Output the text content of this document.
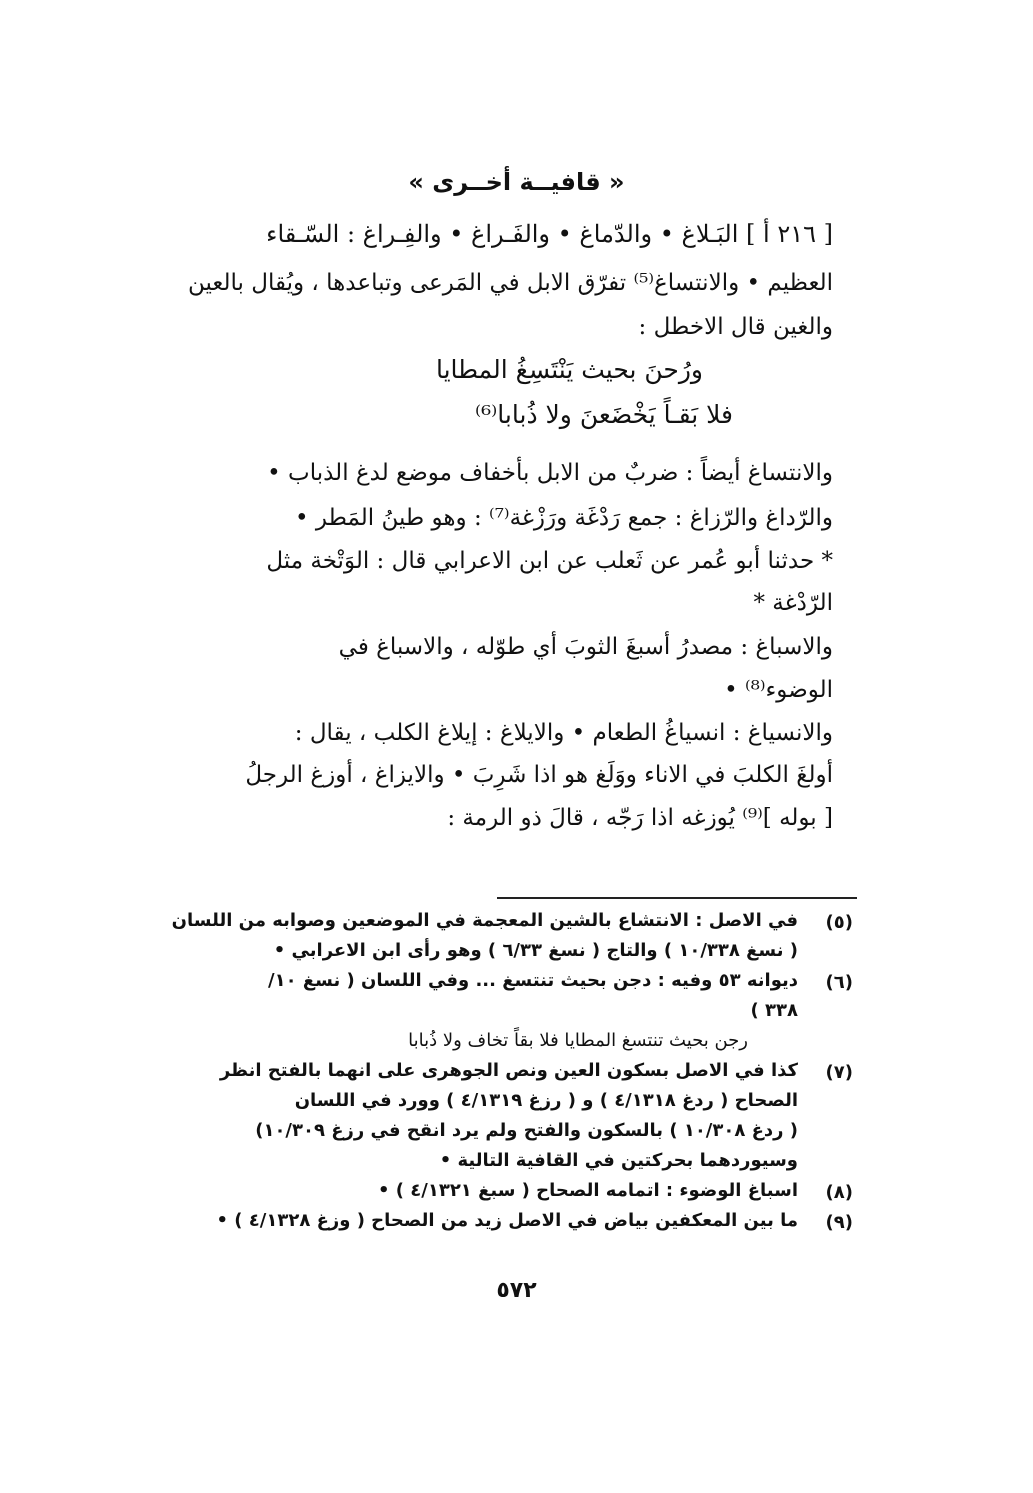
« قافيــة أخــرى »
[ ٢١٦ أ ] البَـلاغ • والدّماغ • والفَـراغ • والفِـراغ : السّـقاء
العظيم • والانتساغ⁽⁵⁾ تفرّق الابل في المَرعى وتباعدها ، ويُقال بالعين
والغين قال الاخطل :
ورُحنَ بحيث يَنْتَسِغُ المطايا
فلا بَقـاً يَخْضَعنَ ولا ذُبابا⁽⁶⁾
والانتساغ أيضاً : ضربٌ من الابل بأخفاف موضع لدغ الذباب •
والرّداغ والرّزاغ : جمع رَدْغَة ورَزْغة⁽⁷⁾ : وهو طينُ المَطر •
* حدثنا أبو عُمر عن ثَعلب عن ابن الاعرابي قال : الوَتْخة مثل
الرّدْغة *
والاسباغ : مصدرُ أسبغَ الثوبَ أي طوّله ، والاسباغ في
الوضوء⁽⁸⁾ •
والانسياغ : انسياغُ الطعام • والايلاغ : إيلاغ الكلب ، يقال :
أولغَ الكلبَ في الاناء ووَلَغ هو اذا شَرِبَ • والايزاغ ، أوزغ الرجلُ
[ بوله ]⁽⁹⁾ يُوزغه اذا رَجّه ، قالَ ذو الرمة :
(٥)
في الاصل : الانتشاع بالشين المعجمة في الموضعين وصوابه من اللسان
( نسغ ١٠/٣٣٨ ) والتاج ( نسغ ٦/٣٣ ) وهو رأى ابن الاعرابي •
(٦)
ديوانه ٥٣ وفيه : دجن بحيث تنتسغ ... وفي اللسان ( نسغ ١٠/
٣٣٨ )
رجن بحيث تنتسغ المطايا فلا بقاً تخاف ولا ذُبابا
(٧)
كذا في الاصل بسكون العين ونص الجوهرى على انهما بالفتح انظر
الصحاح ( ردغ ٤/١٣١٨ ) و ( رزغ ٤/١٣١٩ ) وورد في اللسان
( ردغ ١٠/٣٠٨ ) بالسكون والفتح ولم يرد انقح في رزغ ١٠/٣٠٩)
وسيوردهما بحركتين في القافية التالية •
(٨)
اسباغ الوضوء : اتمامه الصحاح ( سبغ ٤/١٣٢١ ) •
(٩)
ما بين المعكفين بياض في الاصل زيد من الصحاح ( وزغ ٤/١٣٢٨ ) •
٥٧٢
